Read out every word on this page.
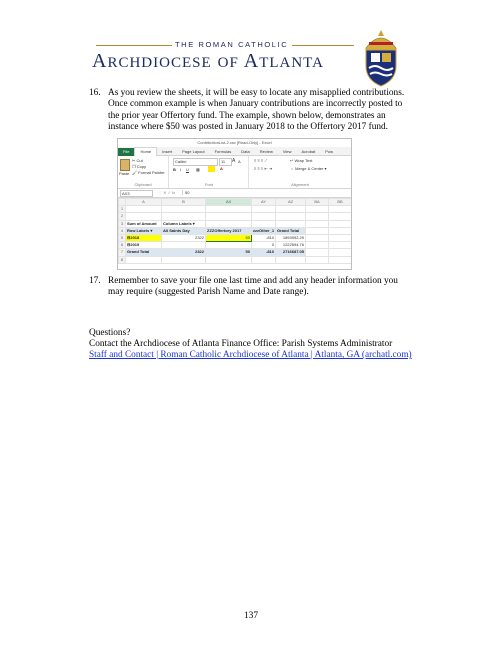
THE ROMAN CATHOLIC
ARCHDIOCESE OF ATLANTA
16. As you review the sheets, it will be easy to locate any misapplied contributions. Once common example is when January contributions are incorrectly posted to the prior year Offertory fund. The example, shown below, demonstrates an instance where $50 was posted in January 2018 to the Offertory 2017 fund.
ContributionList-2.csv [Read-Only] - Excel
File	Home	Insert	Page Layout	Formulas	Data	Review	View	Acrobat	Pow
Paste
✂ Cut
❐ Copy
🖌 Format Painter
Clipboard
Calibri	11	A A
B I U ▦	A
Font
≡ ≡ ≡ ⟋
≡ ≡ ≡ ⇤ ⇥
↵ Wrap Text
⇔ Merge & Center ▾
Alignment
AX3	⋮ ✕ ✓ fx	50
	A	B	AX	AY	AZ	BA	BB
1							
2							
3	Sum of Amount	Column Labels ▾					
4	Row Labels ▾	All Saints Day	ZZZOffertory 2017	zzzOther_1	Grand Total		
5	⊟2018	2322	50	-810	1893992.29		
6	⊟2019			0	1222694.76		
7	Grand Total	2322	50	-810	2716687.05		
8							
17. Remember to save your file one last time and add any header information you may require (suggested Parish Name and Date range).
Questions?
Contact the Archdiocese of Atlanta Finance Office: Parish Systems Administrator
Staff and Contact | Roman Catholic Archdiocese of Atlanta | Atlanta, GA (archatl.com)
137
